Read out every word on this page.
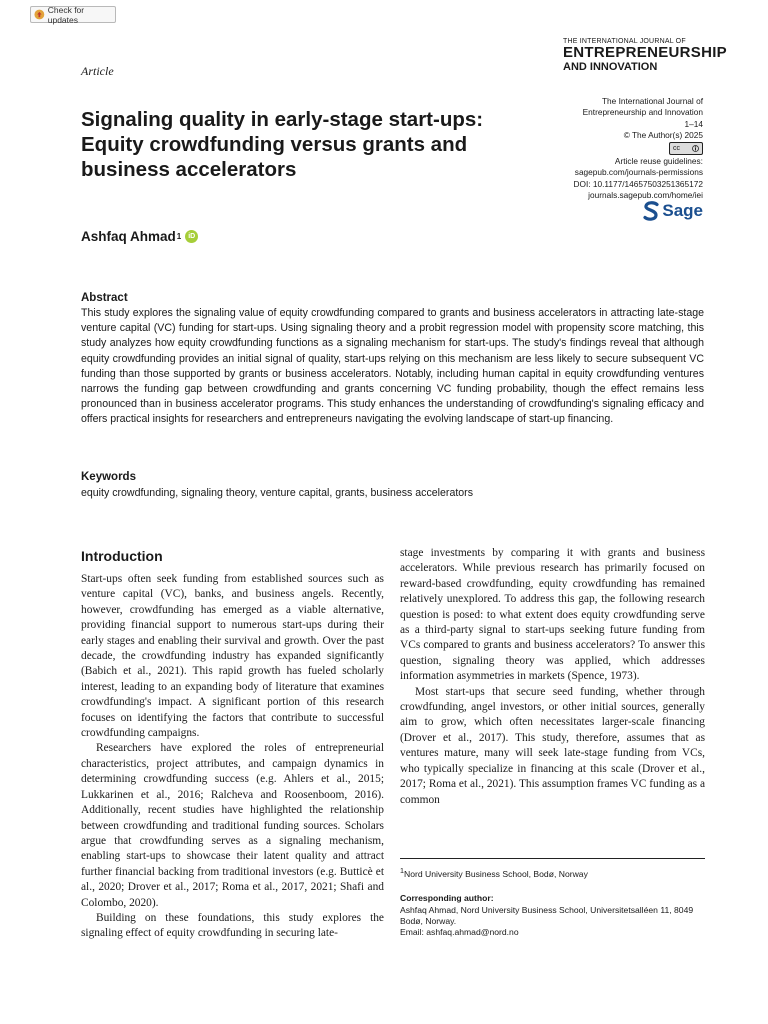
Check for updates
Article
THE INTERNATIONAL JOURNAL OF
ENTREPRENEURSHIP
AND INNOVATION
The International Journal of
Entrepreneurship and Innovation
1–14
© The Author(s) 2025
cc
Article reuse guidelines:
sagepub.com/journals-permissions
DOI: 10.1177/14657503251365172
journals.sagepub.com/home/iei
Sage
Signaling quality in early-stage start-ups: Equity crowdfunding versus grants and business accelerators
Ashfaq Ahmad 1	iD
Abstract
This study explores the signaling value of equity crowdfunding compared to grants and business accelerators in attracting late-stage venture capital (VC) funding for start-ups. Using signaling theory and a probit regression model with propensity score matching, this study analyzes how equity crowdfunding functions as a signaling mechanism for start-ups. The study's findings reveal that although equity crowdfunding provides an initial signal of quality, start-ups relying on this mechanism are less likely to secure subsequent VC funding than those supported by grants or business accelerators. Notably, including human capital in equity crowdfunding ventures narrows the funding gap between crowdfunding and grants concerning VC funding probability, though the effect remains less pronounced than in business accelerator programs. This study enhances the understanding of crowdfunding's signaling efficacy and offers practical insights for researchers and entrepreneurs navigating the evolving landscape of start-up financing.
Keywords
equity crowdfunding, signaling theory, venture capital, grants, business accelerators
Introduction

Start-ups often seek funding from established sources such as venture capital (VC), banks, and business angels. Recently, however, crowdfunding has emerged as a viable alternative, providing financial support to numerous start-ups during their early stages and enabling their survival and growth. Over the past decade, the crowdfunding industry has expanded significantly (Babich et al., 2021). This rapid growth has fueled scholarly interest, leading to an expanding body of literature that examines crowdfunding's impact. A significant portion of this research focuses on identifying the factors that contribute to successful crowdfunding campaigns.

Researchers have explored the roles of entrepreneurial characteristics, project attributes, and campaign dynamics in determining crowdfunding success (e.g. Ahlers et al., 2015; Lukkarinen et al., 2016; Ralcheva and Roosenboom, 2016). Additionally, recent studies have highlighted the relationship between crowdfunding and traditional funding sources. Scholars argue that crowdfunding serves as a signaling mechanism, enabling start-ups to showcase their latent quality and attract further financial backing from traditional investors (e.g. Butticè et al., 2020; Drover et al., 2017; Roma et al., 2017, 2021; Shafi and Colombo, 2020).

Building on these foundations, this study explores the signaling effect of equity crowdfunding in securing late-

stage investments by comparing it with grants and business accelerators. While previous research has primarily focused on reward-based crowdfunding, equity crowdfunding has remained relatively unexplored. To address this gap, the following research question is posed: to what extent does equity crowdfunding serve as a third-party signal to start-ups seeking future funding from VCs compared to grants and business accelerators? To answer this question, signaling theory was applied, which addresses information asymmetries in markets (Spence, 1973).

Most start-ups that secure seed funding, whether through crowdfunding, angel investors, or other initial sources, generally aim to grow, which often necessitates larger-scale financing (Drover et al., 2017). This study, therefore, assumes that as ventures mature, many will seek late-stage funding from VCs, who typically specialize in financing at this scale (Drover et al., 2017; Roma et al., 2021). This assumption frames VC funding as a common

$^1$Nord University Business School, Bodø, Norway
Corresponding author:
Ashfaq Ahmad, Nord University Business School, Universitetsalléen 11, 8049 Bodø, Norway.
Email: ashfaq.ahmad@nord.no
